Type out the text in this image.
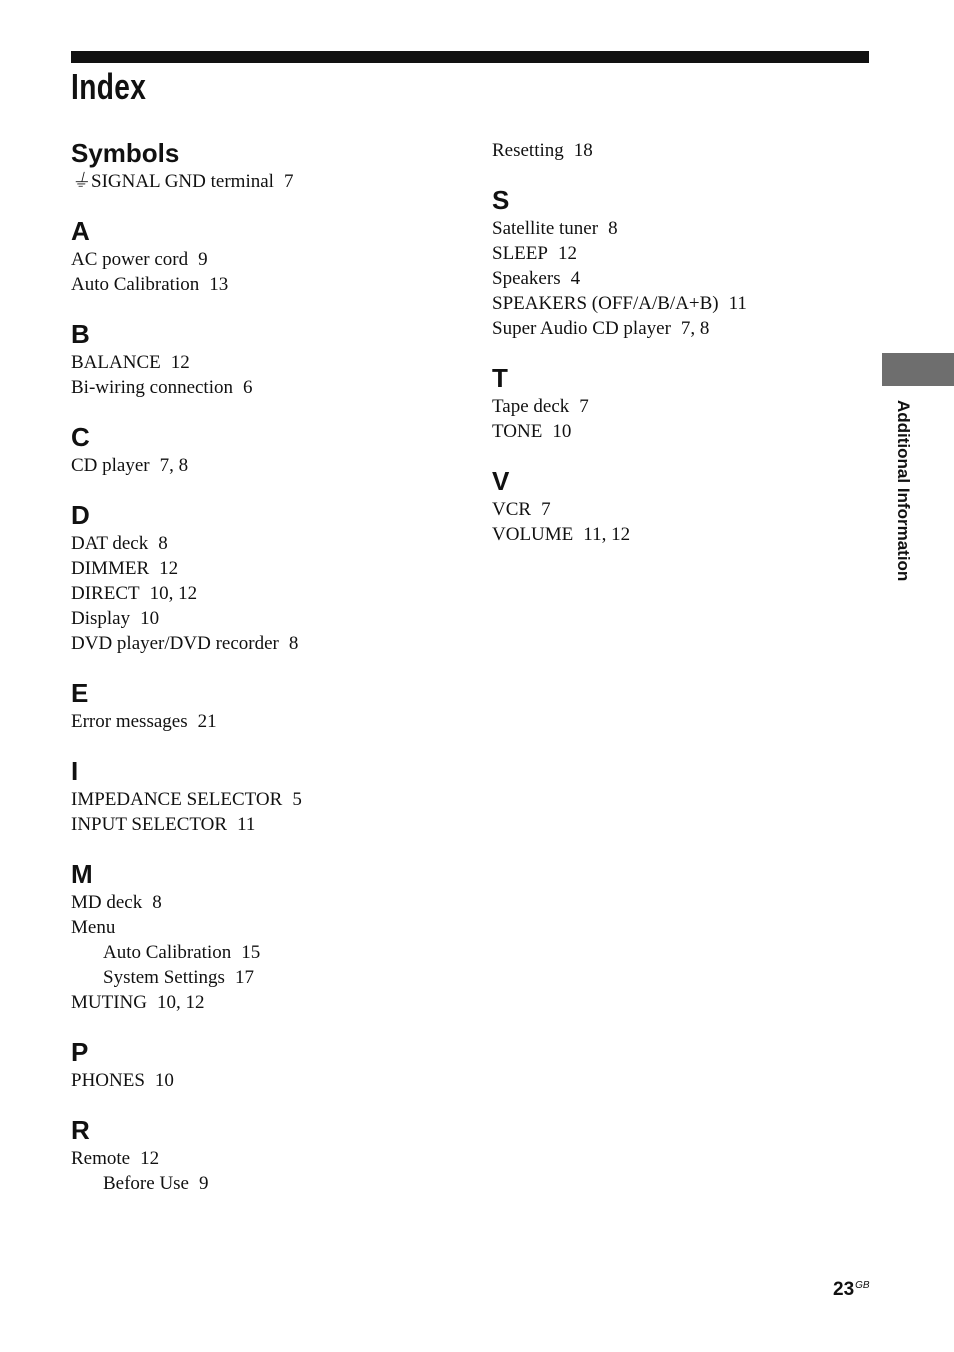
Index
Symbols
⏚SIGNAL GND terminal 7
A
AC power cord 9
Auto Calibration 13
B
BALANCE 12
Bi-wiring connection 6
C
CD player 7, 8
D
DAT deck 8
DIMMER 12
DIRECT 10, 12
Display 10
DVD player/DVD recorder 8
E
Error messages 21
I
IMPEDANCE SELECTOR 5
INPUT SELECTOR 11
M
MD deck 8
Menu
Auto Calibration 15
System Settings 17
MUTING 10, 12
P
PHONES 10
R
Remote 12
Before Use 9
Resetting 18
S
Satellite tuner 8
SLEEP 12
Speakers 4
SPEAKERS (OFF/A/B/A+B) 11
Super Audio CD player 7, 8
T
Tape deck 7
TONE 10
V
VCR 7
VOLUME 11, 12	Additional Information
$23^{GB}$
